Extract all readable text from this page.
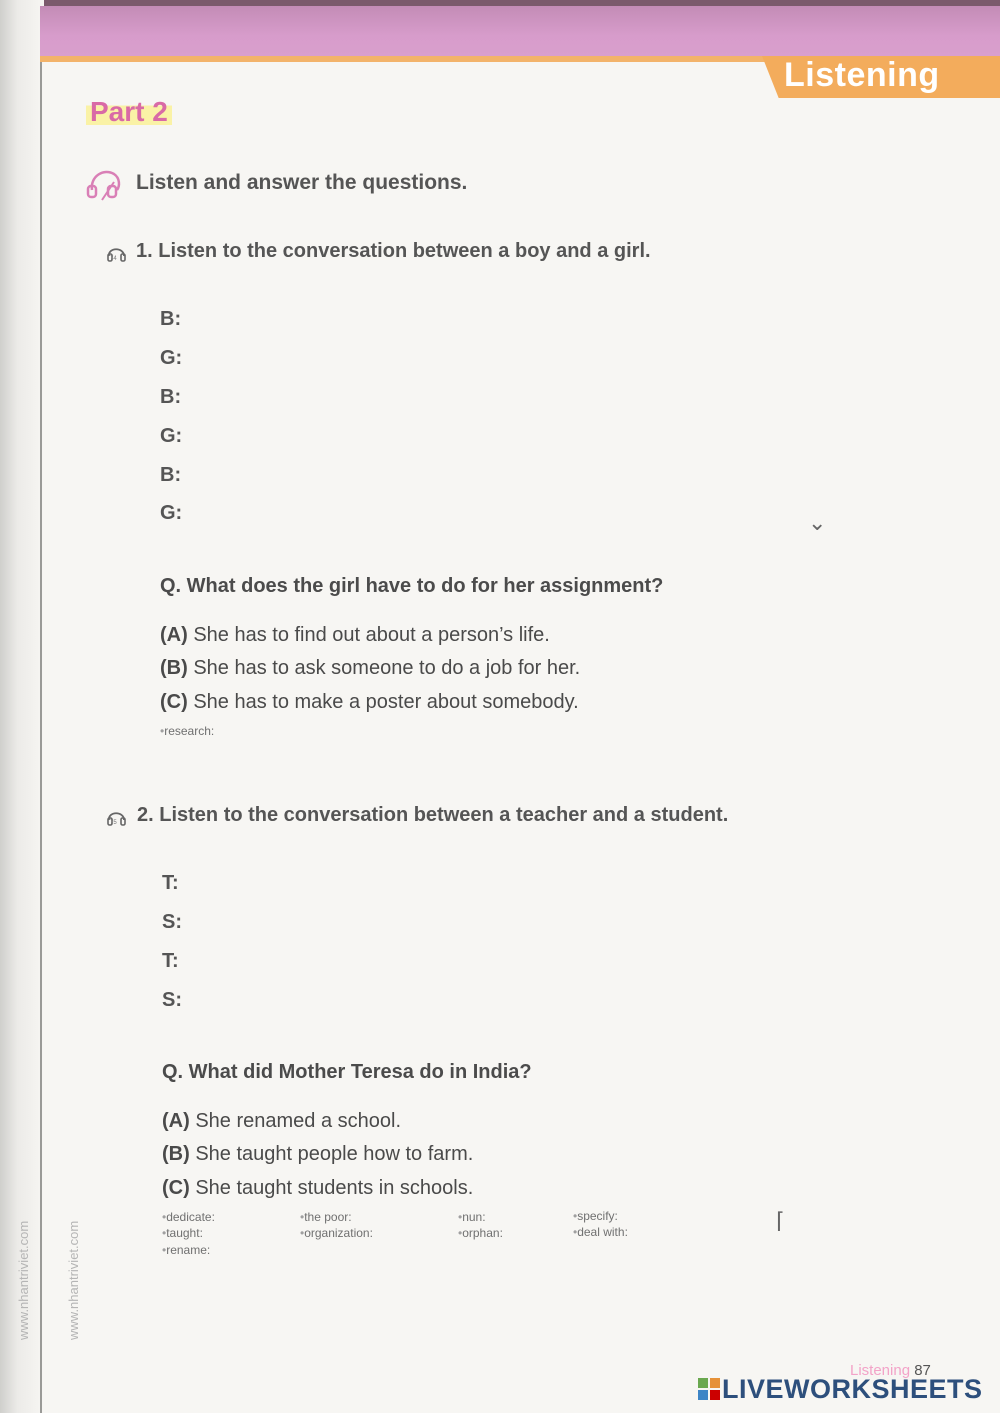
Listening
Part 2
Listen and answer the questions.
74 1. Listen to the conversation between a boy and a girl.
B:
G:
B:
G:
B:
G:
Q. What does the girl have to do for her assignment?
(A) She has to find out about a person’s life.
(B) She has to ask someone to do a job for her.
(C) She has to make a poster about somebody.
• research:
75 2. Listen to the conversation between a teacher and a student.
T:
S:
T:
S:
Q. What did Mother Teresa do in India?
(A) She renamed a school.
(B) She taught people how to farm.
(C) She taught students in schools.
• dedicate:
• taught:
• rename:
• the poor:
• organization:
• nun:
• orphan:
• specify:
• deal with:
⌄
⌈
www.nhantriviet.com	www.nhantriviet.com
Listening 87
LIVEWORKSHEETS
